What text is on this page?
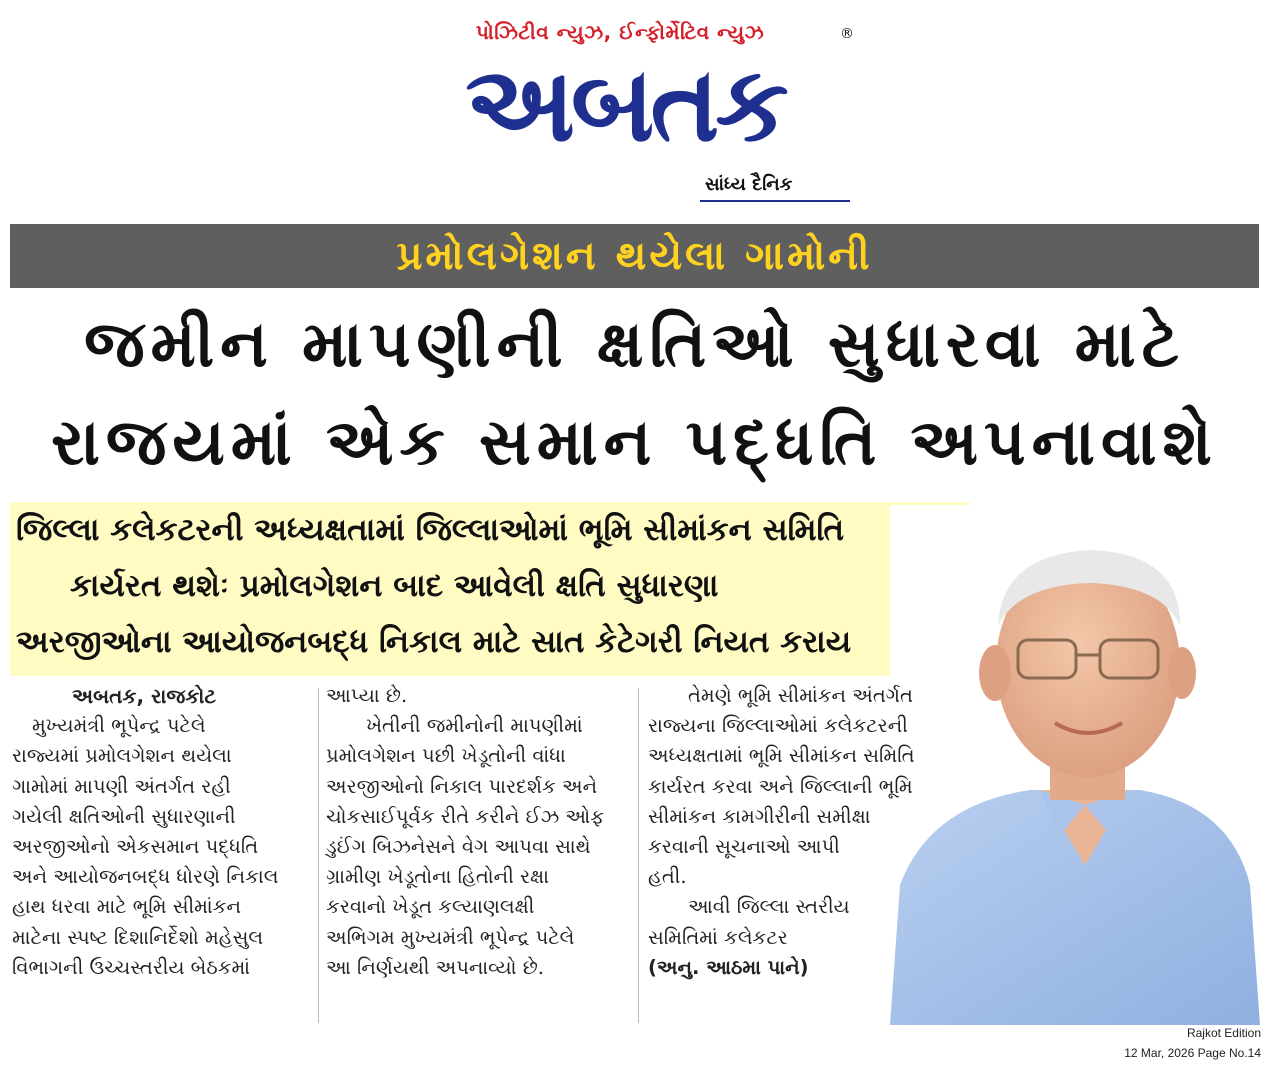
પોઝિટીવ ન્યુઝ, ઈન્ફોર્મેટિવ ન્યુઝ
અબતક
®
સાંધ્ય દૈનિક
પ્રમોલગેશન થયેલા ગામોની
જમીન માપણીની ક્ષતિઓ સુધારવા માટે
રાજયમાં એક સમાન પદ્ધતિ અપનાવાશે
જિલ્લા કલેકટરની અધ્યક્ષતામાં જિલ્લાઓમાં ભૂમિ સીમાંકન સમિતિ
કાર્યરત થશેઃ પ્રમોલગેશન બાદ આવેલી ક્ષતિ સુધારણા
અરજીઓના આયોજનબદ્ધ નિકાલ માટે સાત કેટેગરી નિયત કરાય
અબતક, રાજકોટ
મુખ્યમંત્રી ભૂપેન્દ્ર પટેલે
રાજ્યમાં પ્રમોલગેશન થયેલા
ગામોમાં માપણી અંતર્ગત રહી
ગયેલી ક્ષતિઓની સુધારણાની
અરજીઓનો એકસમાન પદ્ધતિ
અને આયોજનબદ્ધ ધોરણે નિકાલ
હાથ ધરવા માટે ભૂમિ સીમાંકન
માટેના સ્પષ્ટ દિશાનિર્દેશો મહેસુલ
વિભાગની ઉચ્ચસ્તરીય બેઠકમાં
આપ્યા છે.
ખેતીની જમીનોની માપણીમાં
પ્રમોલગેશન પછી ખેડૂતોની વાંધા
અરજીઓનો નિકાલ પારદર્શક અને
ચોકસાઈપૂર્વક રીતે કરીને ઈઝ ઓફ
ડુઈંગ બિઝનેસને વેગ આપવા સાથે
ગ્રામીણ ખેડૂતોના હિતોની રક્ષા
કરવાનો ખેડૂત કલ્યાણલક્ષી
અભિગમ મુખ્યમંત્રી ભૂપેન્દ્ર પટેલે
આ નિર્ણયથી અપનાવ્યો છે.
તેમણે ભૂમિ સીમાંકન અંતર્ગત
રાજ્યના જિલ્લાઓમાં કલેકટરની
અધ્યક્ષતામાં ભૂમિ સીમાંકન સમિતિ
કાર્યરત કરવા અને જિલ્લાની ભૂમિ
સીમાંકન કામગીરીની સમીક્ષા
કરવાની સૂચનાઓ આપી
હતી.
આવી જિલ્લા સ્તરીય
સમિતિમાં કલેકટર
(અનુ. આઠમા પાને)
Rajkot Edition
12 Mar, 2026 Page No.14
